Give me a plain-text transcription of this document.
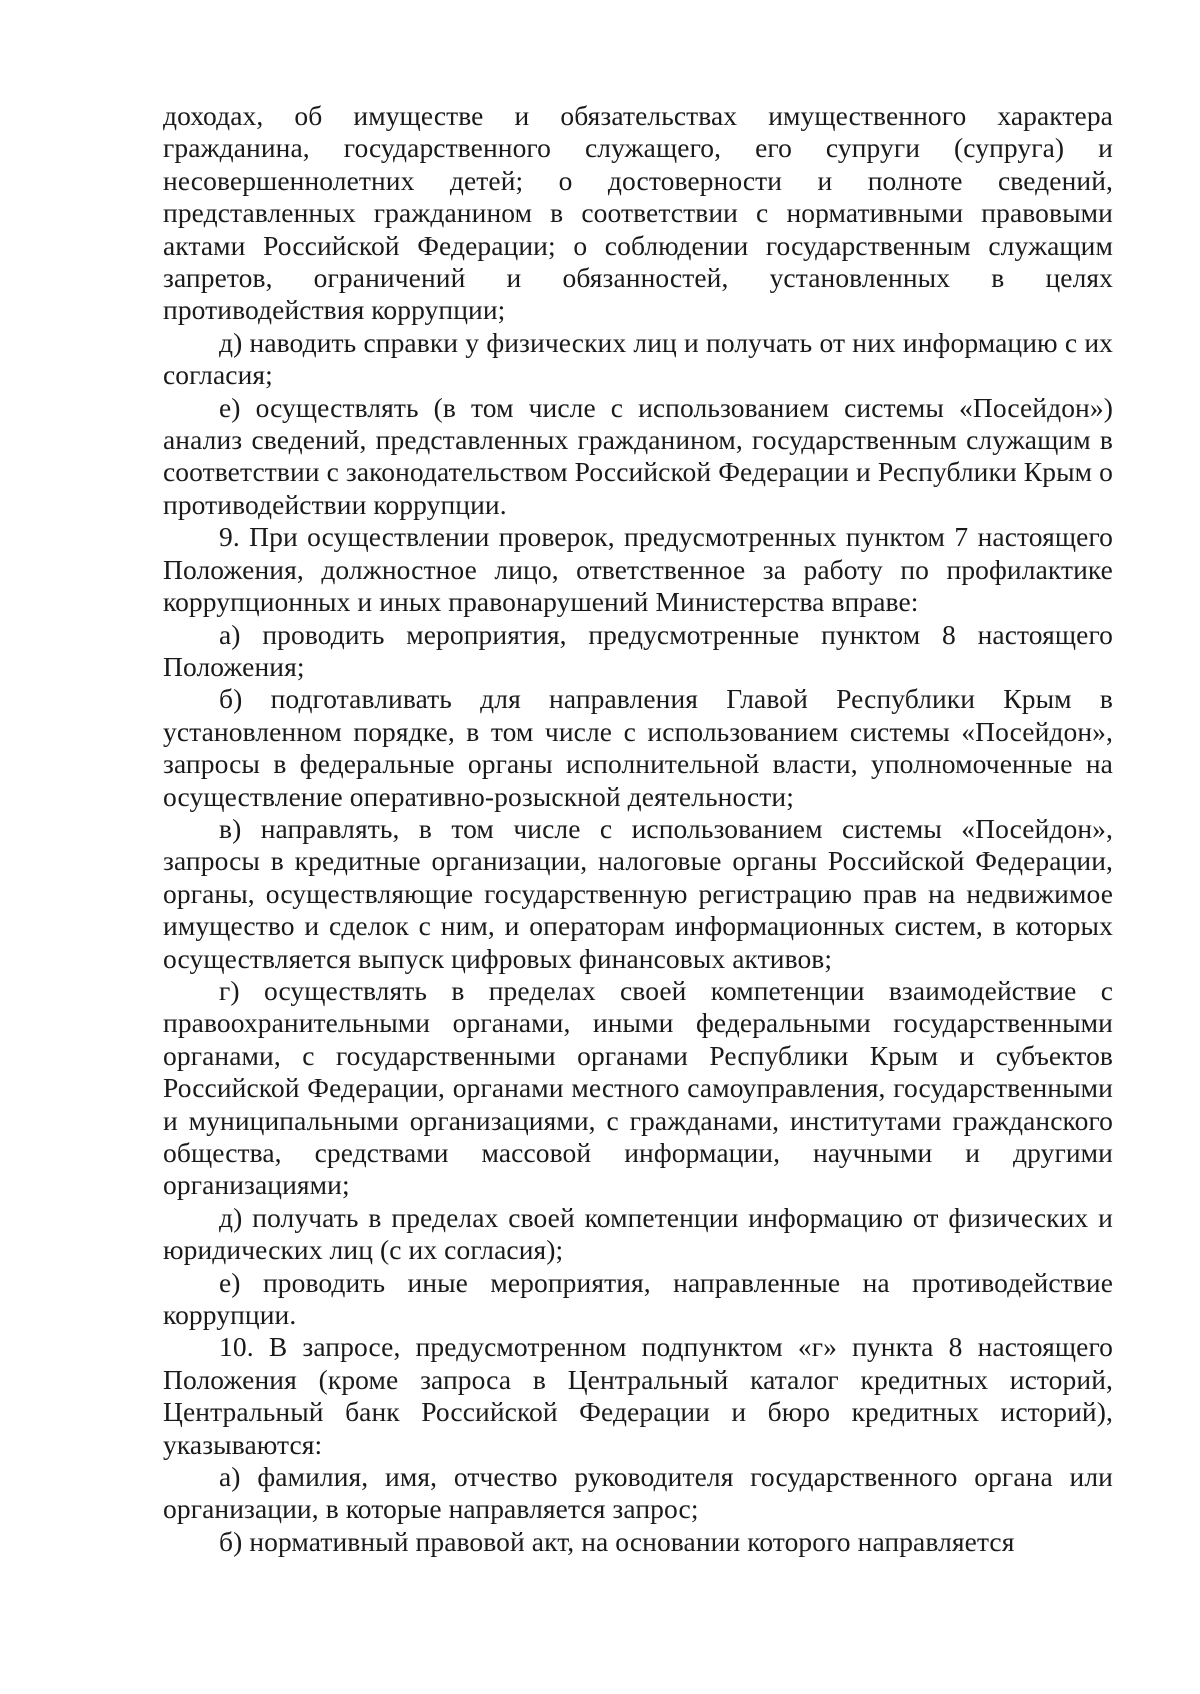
доходах, об имуществе и обязательствах имущественного характера гражданина, государственного служащего, его супруги (супруга) и несовершеннолетних детей; о достоверности и полноте сведений, представленных гражданином в соответствии с нормативными правовыми актами Российской Федерации; о соблюдении государственным служащим запретов, ограничений и обязанностей, установленных в целях противодействия коррупции;

д) наводить справки у физических лиц и получать от них информацию с их согласия;

е) осуществлять (в том числе с использованием системы «Посейдон») анализ сведений, представленных гражданином, государственным служащим в соответствии с законодательством Российской Федерации и Республики Крым о противодействии коррупции.

9. При осуществлении проверок, предусмотренных пунктом 7 настоящего Положения, должностное лицо, ответственное за работу по профилактике коррупционных и иных правонарушений Министерства вправе:

а) проводить мероприятия, предусмотренные пунктом 8 настоящего Положения;

б) подготавливать для направления Главой Республики Крым в установленном порядке, в том числе с использованием системы «Посейдон», запросы в федеральные органы исполнительной власти, уполномоченные на осуществление оперативно-розыскной деятельности;

в) направлять, в том числе с использованием системы «Посейдон», запросы в кредитные организации, налоговые органы Российской Федерации, органы, осуществляющие государственную регистрацию прав на недвижимое имущество и сделок с ним, и операторам информационных систем, в которых осуществляется выпуск цифровых финансовых активов;

г) осуществлять в пределах своей компетенции взаимодействие с правоохранительными органами, иными федеральными государственными органами, с государственными органами Республики Крым и субъектов Российской Федерации, органами местного самоуправления, государственными и муниципальными организациями, с гражданами, институтами гражданского общества, средствами массовой информации, научными и другими организациями;

д) получать в пределах своей компетенции информацию от физических и юридических лиц (с их согласия);

е) проводить иные мероприятия, направленные на противодействие коррупции.

10. В запросе, предусмотренном подпунктом «г» пункта 8 настоящего Положения (кроме запроса в Центральный каталог кредитных историй, Центральный банк Российской Федерации и бюро кредитных историй), указываются:

а) фамилия, имя, отчество руководителя государственного органа или организации, в которые направляется запрос;

б) нормативный правовой акт, на основании которого направляется
